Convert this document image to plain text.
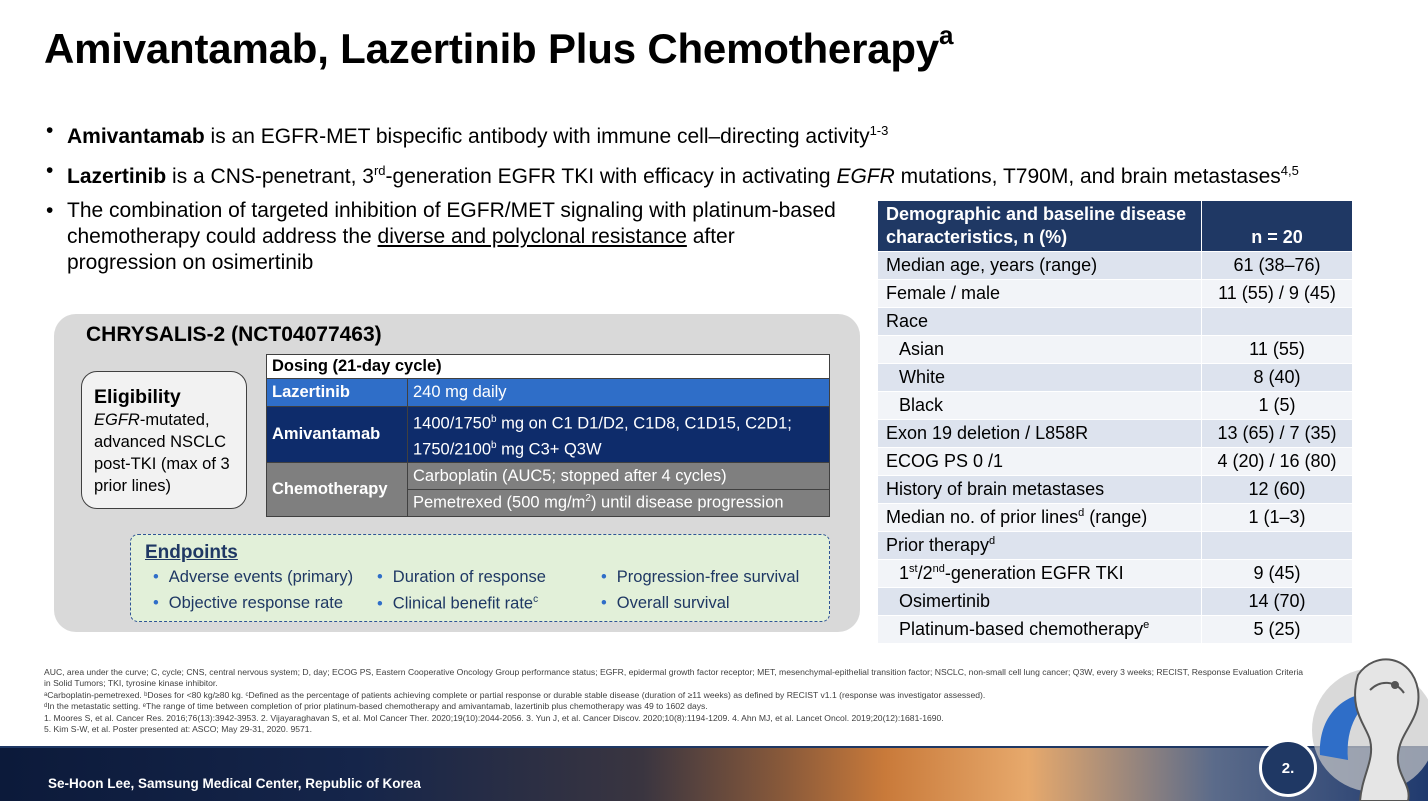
Amivantamab, Lazertinib Plus Chemotherapy$^a$
• Amivantamab is an EGFR-MET bispecific antibody with immune cell–directing activity$^{1-3}$
• Lazertinib is a CNS-penetrant, 3rd-generation EGFR TKI with efficacy in activating EGFR mutations, T790M, and brain metastases$^{4,5}$
• The combination of targeted inhibition of EGFR/MET signaling with platinum-based chemotherapy could address the diverse and polyclonal resistance after progression on osimertinib
CHRYSALIS-2 (NCT04077463)
Eligibility
EGFR-mutated, advanced NSCLC post-TKI (max of 3 prior lines)
Dosing (21-day cycle)	
Lazertinib	240 mg daily
Amivantamab	1400/1750$^b$ mg on C1 D1/D2, C1D8, C1D15, C2D1; 1750/2100$^b$ mg C3+ Q3W
Chemotherapy	Carboplatin (AUC5; stopped after 4 cycles)
	Pemetrexed (500 $mg/m^2$) until disease progression
Endpoints
• Adverse events (primary) • Duration of response	• Progression-free survival
• Objective response rate • Clinical benefit rate$^c$	• Overall survival
Demographic and baseline disease characteristics, n (%)	n = 20
Median age, years (range)	61 (38–76)
Female / male	11 (55) / 9 (45)
Race	
Asian	11 (55)
White	8 (40)
Black	1 (5)
Exon 19 deletion / L858R	13 (65) / 7 (35)
ECOG PS 0 /1	4 (20) / 16 (80)
History of brain metastases	12 (60)
Median no. of prior lines$^d$ (range)	1 (1–3)
Prior therapy$^d$	
1st/2nd-generation EGFR TKI	9 (45)
Osimertinib	14 (70)
Platinum-based chemotherapy$^e$	5 (25)

AUC, area under the curve; C, cycle; CNS, central nervous system; D, day; ECOG PS, Eastern Cooperative Oncology Group performance status; EGFR, epidermal growth factor receptor; MET, mesenchymal-epithelial transition factor; NSCLC, non-small cell lung cancer; Q3W, every 3 weeks; RECIST, Response Evaluation Criteria in Solid Tumors; TKI, tyrosine kinase inhibitor.

ᵃCarboplatin-pemetrexed. ᵇDoses for <80 kg/≥80 kg. ᶜDefined as the percentage of patients achieving complete or partial response or durable stable disease (duration of ≥11 weeks) as defined by RECIST v1.1 (response was investigator assessed).

ᵈIn the metastatic setting. ᵉThe range of time between completion of prior platinum-based chemotherapy and amivantamab, lazertinib plus chemotherapy was 49 to 1602 days.

1. Moores S, et al. Cancer Res. 2016;76(13):3942-3953. 2. Vijayaraghavan S, et al. Mol Cancer Ther. 2020;19(10):2044-2056. 3. Yun J, et al. Cancer Discov. 2020;10(8):1194-1209. 4. Ahn MJ, et al. Lancet Oncol. 2019;20(12):1681-1690.

5. Kim S-W, et al. Poster presented at: ASCO; May 29-31, 2020. 9571.

Se-Hoon Lee, Samsung Medical Center, Republic of Korea
2.
